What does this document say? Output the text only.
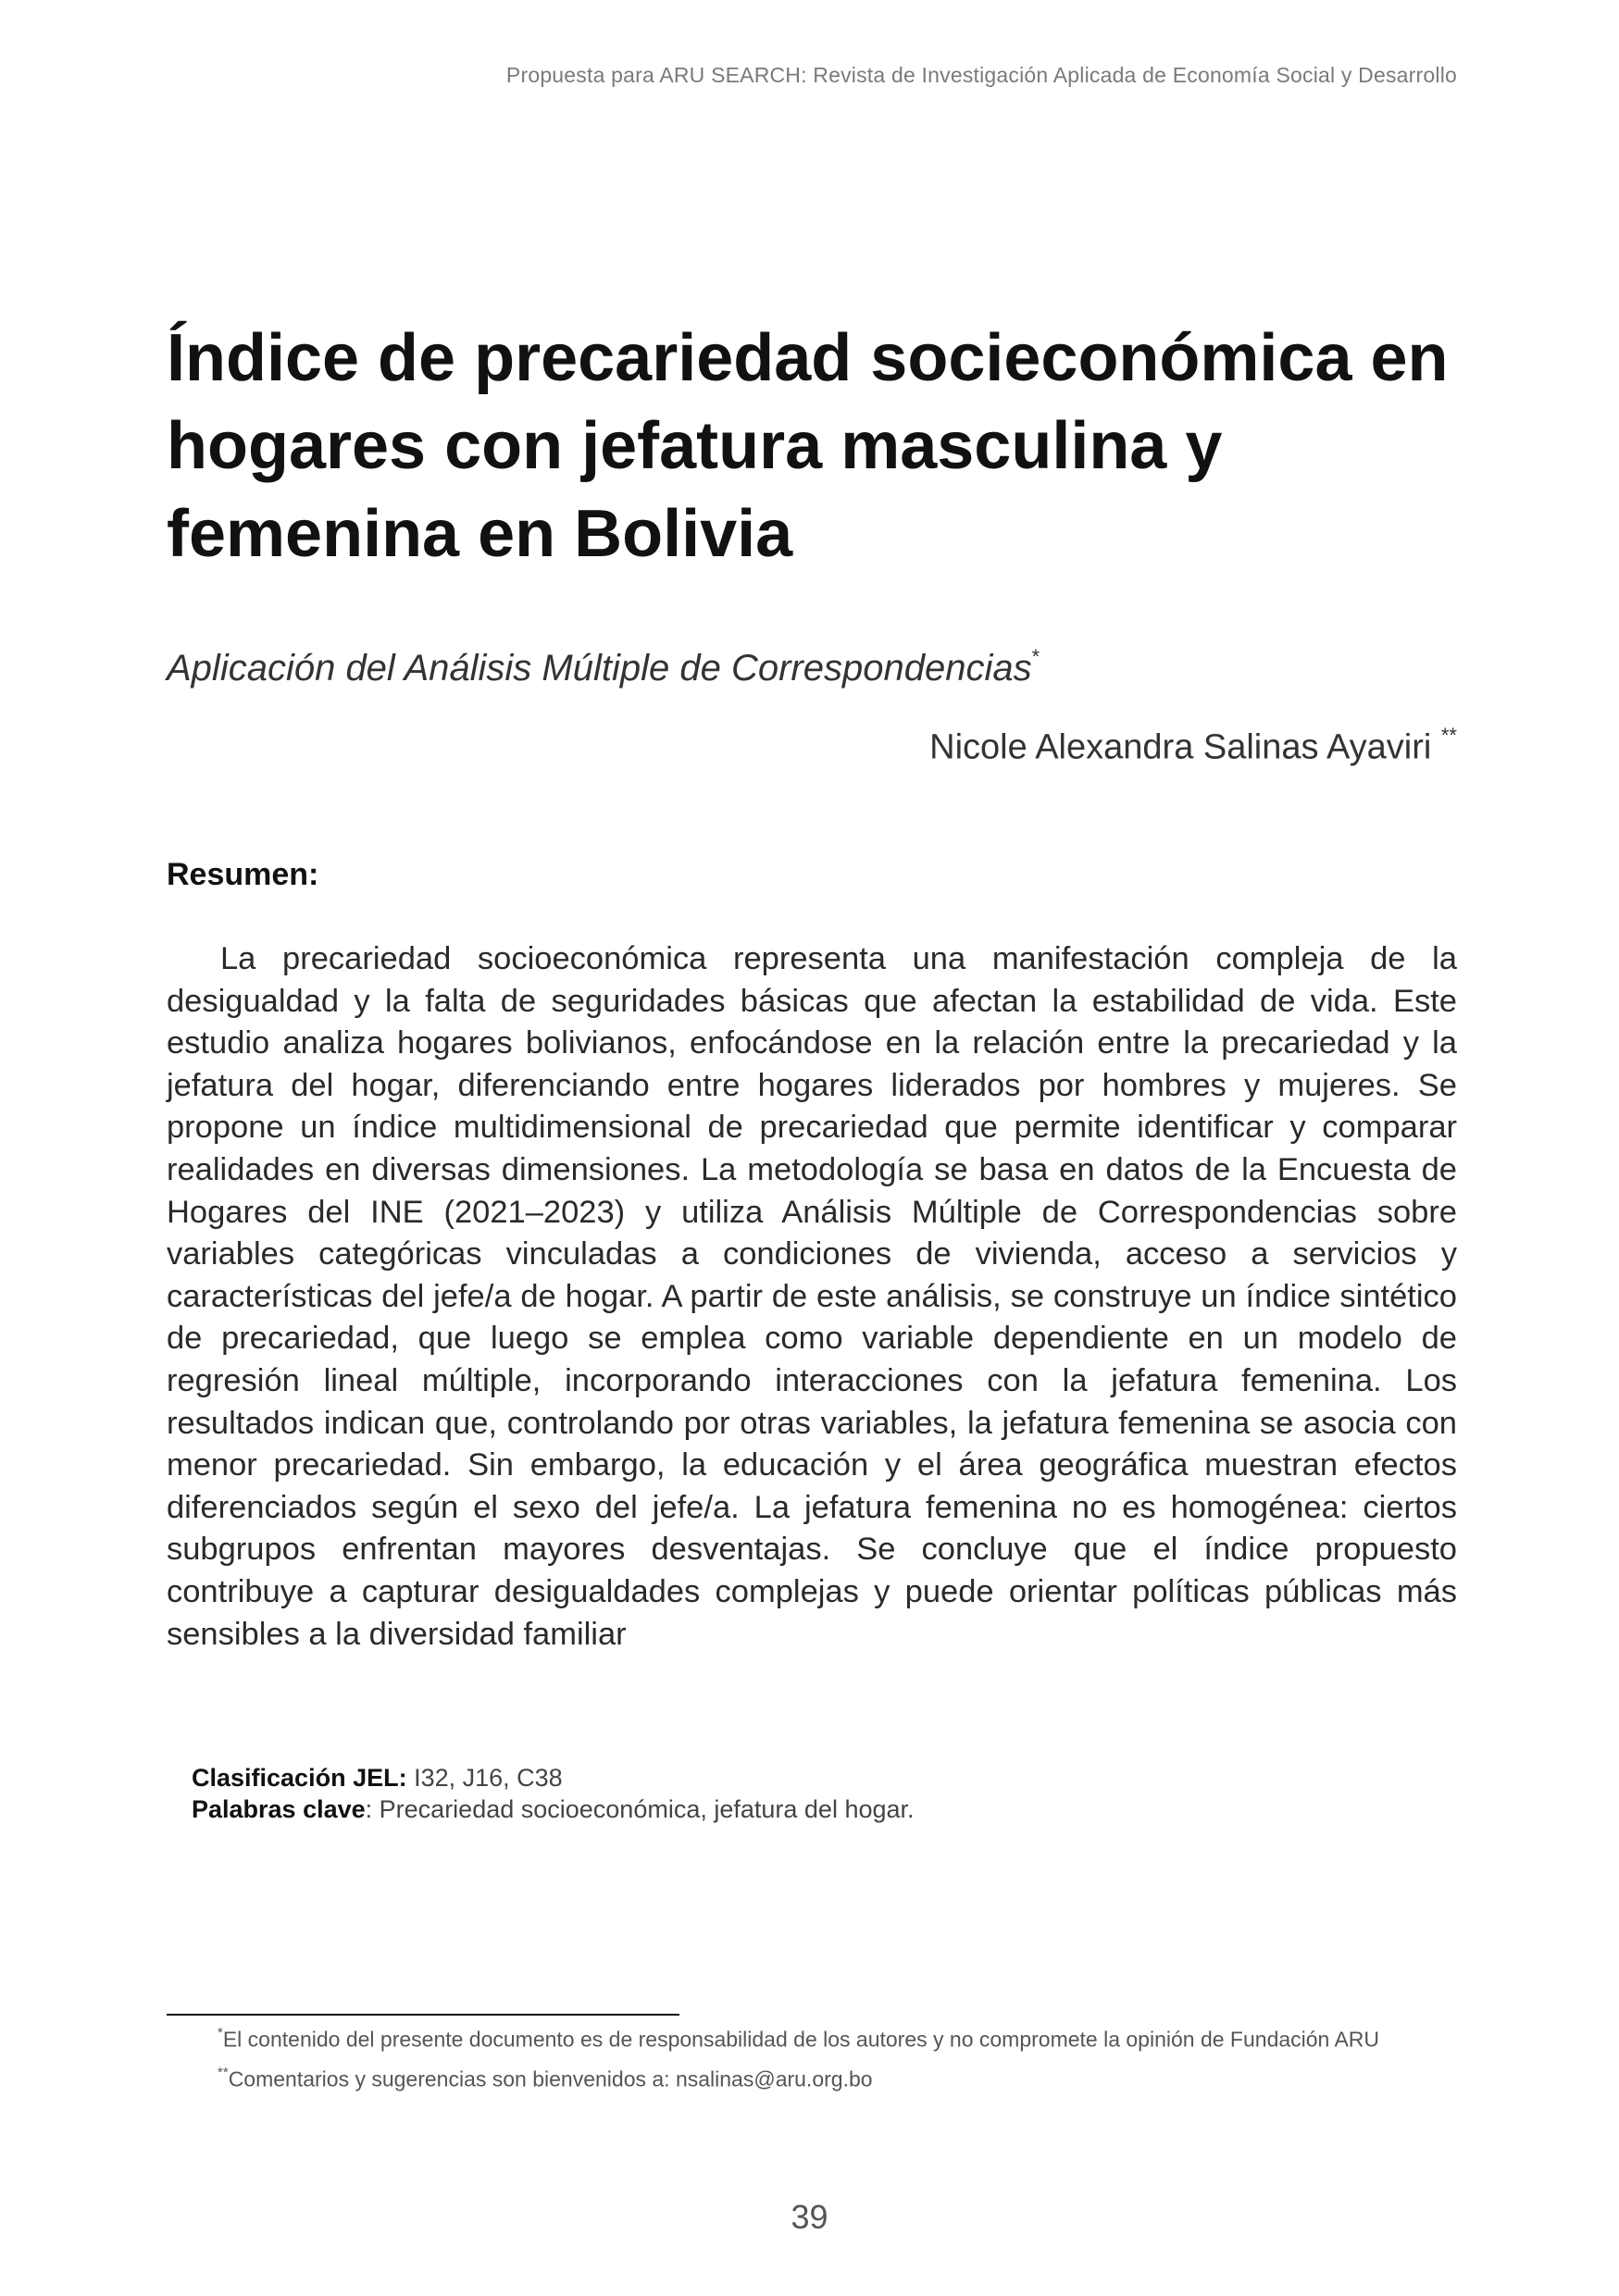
Propuesta para ARU SEARCH: Revista de Investigación Aplicada de Economía Social y Desarrollo
Índice de precariedad socieconómica en hogares con jefatura masculina y femenina en Bolivia
Aplicación del Análisis Múltiple de Correspondencias*
Nicole Alexandra Salinas Ayaviri **
Resumen:

La precariedad socioeconómica representa una manifestación compleja de la desigualdad y la falta de seguridades básicas que afectan la estabilidad de vida. Este estudio analiza hogares bolivianos, enfocándose en la relación entre la precariedad y la jefatura del hogar, diferenciando entre hogares liderados por hombres y mujeres. Se propone un índice multidimensional de precariedad que permite identificar y comparar realidades en diversas dimensiones. La metodología se basa en datos de la Encuesta de Hogares del INE (2021–2023) y utiliza Análisis Múltiple de Correspondencias sobre variables categóricas vinculadas a condiciones de vivienda, acceso a servicios y características del jefe/a de hogar. A partir de este análisis, se construye un índice sintético de precariedad, que luego se emplea como variable dependiente en un modelo de regresión lineal múltiple, incorporando interacciones con la jefatura femenina. Los resultados indican que, controlando por otras variables, la jefatura femenina se asocia con menor precariedad. Sin embargo, la educación y el área geográfica muestran efectos diferenciados según el sexo del jefe/a. La jefatura femenina no es homogénea: ciertos subgrupos enfrentan mayores desventajas. Se concluye que el índice propuesto contribuye a capturar desigualdades complejas y puede orientar políticas públicas más sensibles a la diversidad familiar

Clasificación JEL: I32, J16, C38
Palabras clave: Precariedad socioeconómica, jefatura del hogar.

*El contenido del presente documento es de responsabilidad de los autores y no compromete la opinión de Fundación ARU

**Comentarios y sugerencias son bienvenidos a: nsalinas@aru.org.bo

39
